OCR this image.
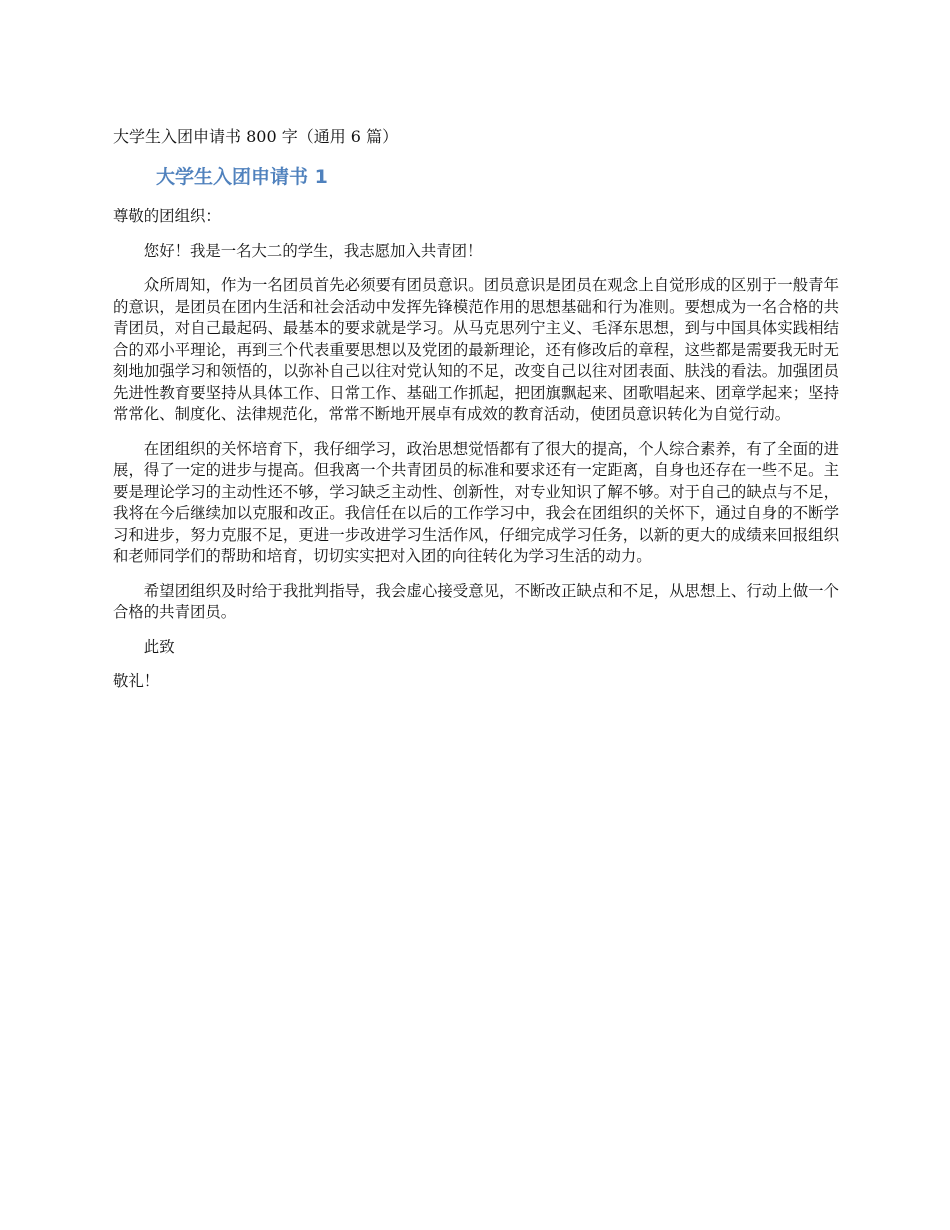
大学生入团申请书 800 字（通用 6 篇）
大学生入团申请书 1

尊敬的团组织：

您好！我是一名大二的学生，我志愿加入共青团！

众所周知，作为一名团员首先必须要有团员意识。团员意识是团员在观念上自觉形成的区别于一般青年的意识，是团员在团内生活和社会活动中发挥先锋模范作用的思想基础和行为准则。要想成为一名合格的共青团员，对自己最起码、最基本的要求就是学习。从马克思列宁主义、毛泽东思想，到与中国具体实践相结合的邓小平理论，再到三个代表重要思想以及党团的最新理论，还有修改后的章程，这些都是需要我无时无刻地加强学习和领悟的，以弥补自己以往对党认知的不足，改变自己以往对团表面、肤浅的看法。加强团员先进性教育要坚持从具体工作、日常工作、基础工作抓起，把团旗飘起来、团歌唱起来、团章学起来；坚持常常化、制度化、法律规范化，常常不断地开展卓有成效的教育活动，使团员意识转化为自觉行动。

在团组织的关怀培育下，我仔细学习，政治思想觉悟都有了很大的提高，个人综合素养，有了全面的进展，得了一定的进步与提高。但我离一个共青团员的标准和要求还有一定距离，自身也还存在一些不足。主要是理论学习的主动性还不够，学习缺乏主动性、创新性，对专业知识了解不够。对于自己的缺点与不足，我将在今后继续加以克服和改正。我信任在以后的工作学习中，我会在团组织的关怀下，通过自身的不断学习和进步，努力克服不足，更进一步改进学习生活作风，仔细完成学习任务，以新的更大的成绩来回报组织和老师同学们的帮助和培育，切切实实把对入团的向往转化为学习生活的动力。

希望团组织及时给于我批判指导，我会虚心接受意见，不断改正缺点和不足，从思想上、行动上做一个合格的共青团员。

此致

敬礼！
